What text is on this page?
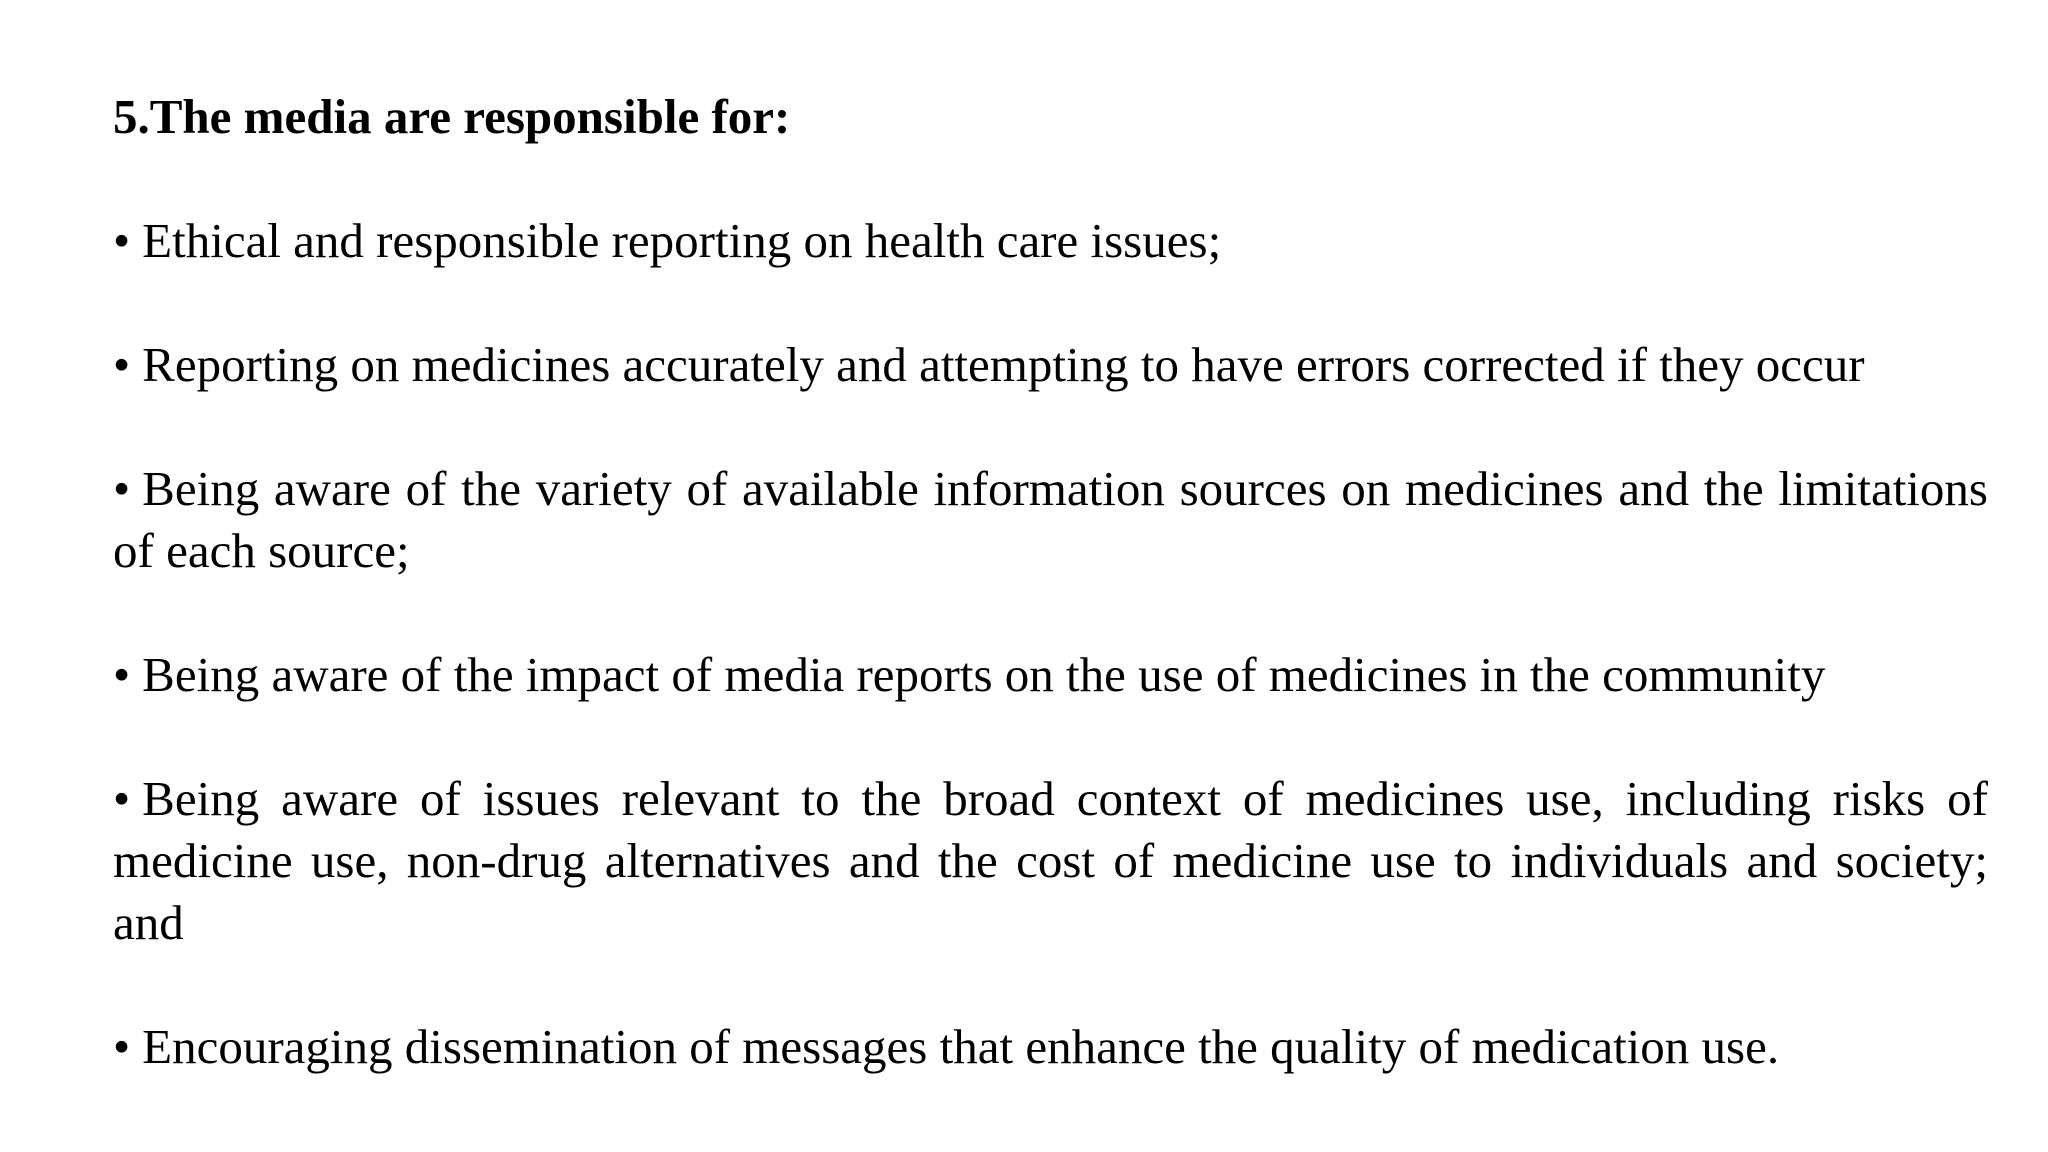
5.The media are responsible for:
• Ethical and responsible reporting on health care issues;
• Reporting on medicines accurately and attempting to have errors corrected if they occur
• Being aware of the variety of available information sources on medicines and the limitations of each source;
• Being aware of the impact of media reports on the use of medicines in the community
• Being aware of issues relevant to the broad context of medicines use, including risks of medicine use, non-drug alternatives and the cost of medicine use to individuals and society; and
• Encouraging dissemination of messages that enhance the quality of medication use.
